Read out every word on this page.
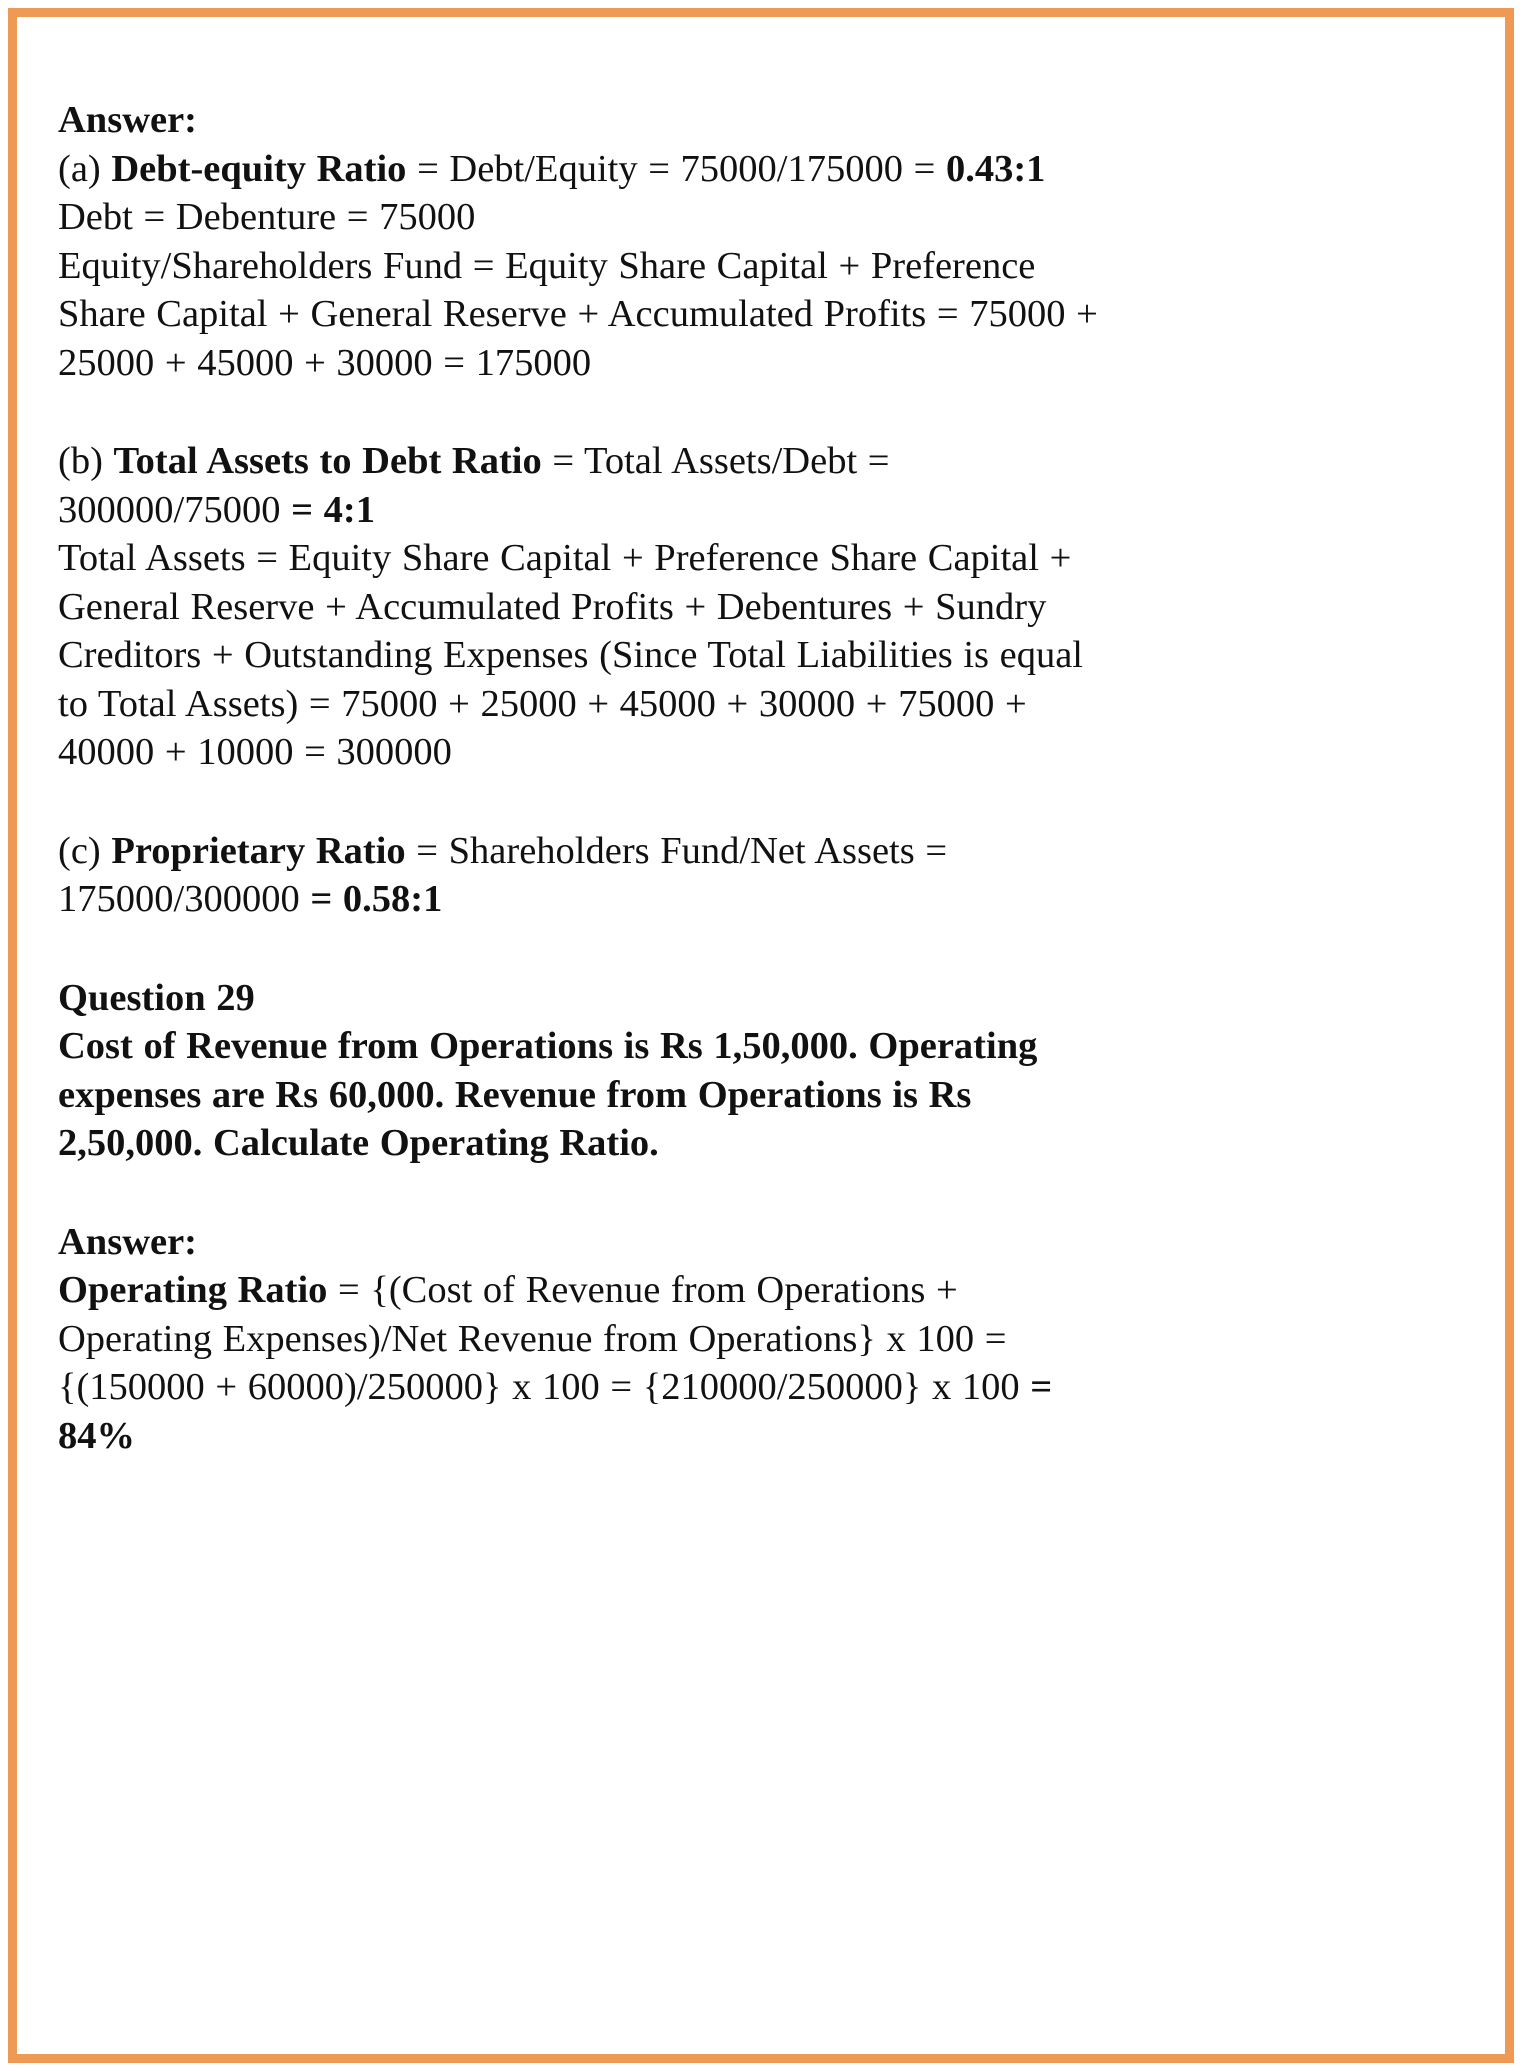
Answer:

(a) Debt-equity Ratio = Debt/Equity = 75000/175000 = 0.43:1

Debt = Debenture = 75000

Equity/Shareholders Fund = Equity Share Capital + Preference Share Capital + General Reserve + Accumulated Profits = 75000 + 25000 + 45000 + 30000 = 175000

(b) Total Assets to Debt Ratio = Total Assets/Debt = 300000/75000 = 4:1

Total Assets = Equity Share Capital + Preference Share Capital + General Reserve + Accumulated Profits + Debentures + Sundry Creditors + Outstanding Expenses (Since Total Liabilities is equal to Total Assets) = 75000 + 25000 + 45000 + 30000 + 75000 + 40000 + 10000 = 300000

(c) Proprietary Ratio = Shareholders Fund/Net Assets = 175000/300000 = 0.58:1

Question 29

Cost of Revenue from Operations is Rs 1,50,000. Operating expenses are Rs 60,000. Revenue from Operations is Rs 2,50,000. Calculate Operating Ratio.

Answer:

Operating Ratio = {(Cost of Revenue from Operations + Operating Expenses)/Net Revenue from Operations} x 100 = {(150000 + 60000)/250000} x 100 = {210000/250000} x 100 = 84%
